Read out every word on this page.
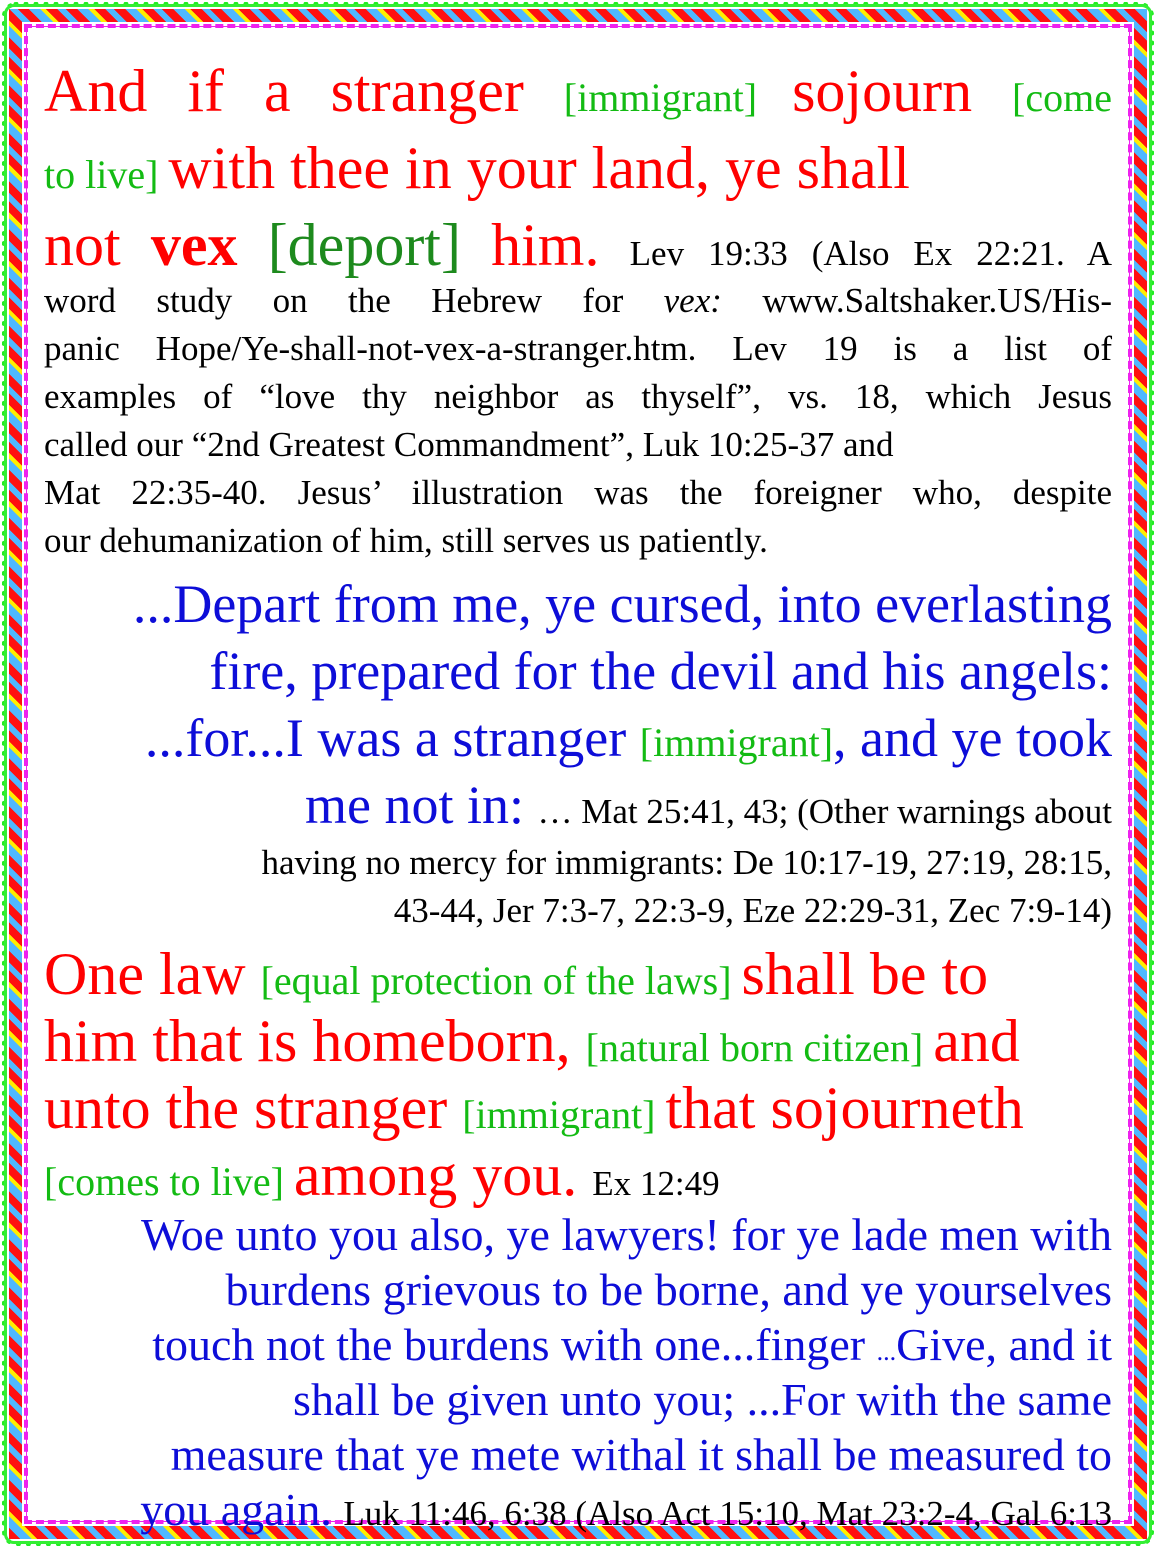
And if a stranger [immigrant] sojourn [come
to live] with thee in your land, ye shall
not vex [deport] him. Lev 19:33 (Also Ex 22:21. A
word study on the Hebrew for vex: www.Saltshaker.US/His-
panic Hope/Ye-shall-not-vex-a-stranger.htm. Lev 19 is a list of
examples of “love thy neighbor as thyself”, vs. 18, which Jesus
called our “2nd Greatest Commandment”, Luk 10:25-37 and
Mat 22:35-40. Jesus’ illustration was the foreigner who, despite
our dehumanization of him, still serves us patiently.
...Depart from me, ye cursed, into everlasting
fire, prepared for the devil and his angels:
...for...I was a stranger [immigrant], and ye took
me not in: … Mat 25:41, 43; (Other warnings about
having no mercy for immigrants: De 10:17-19, 27:19, 28:15,
43-44, Jer 7:3-7, 22:3-9, Eze 22:29-31, Zec 7:9-14)
One law [equal protection of the laws] shall be to
him that is homeborn, [natural born citizen] and
unto the stranger [immigrant] that sojourneth
[comes to live] among you. Ex 12:49
Woe unto you also, ye lawyers! for ye lade men with
burdens grievous to be borne, and ye yourselves
touch not the burdens with one...finger ...Give, and it
shall be given unto you; ...For with the same
measure that ye mete withal it shall be measured to
you again. Luk 11:46, 6:38 (Also Act 15:10, Mat 23:2-4, Gal 6:13
